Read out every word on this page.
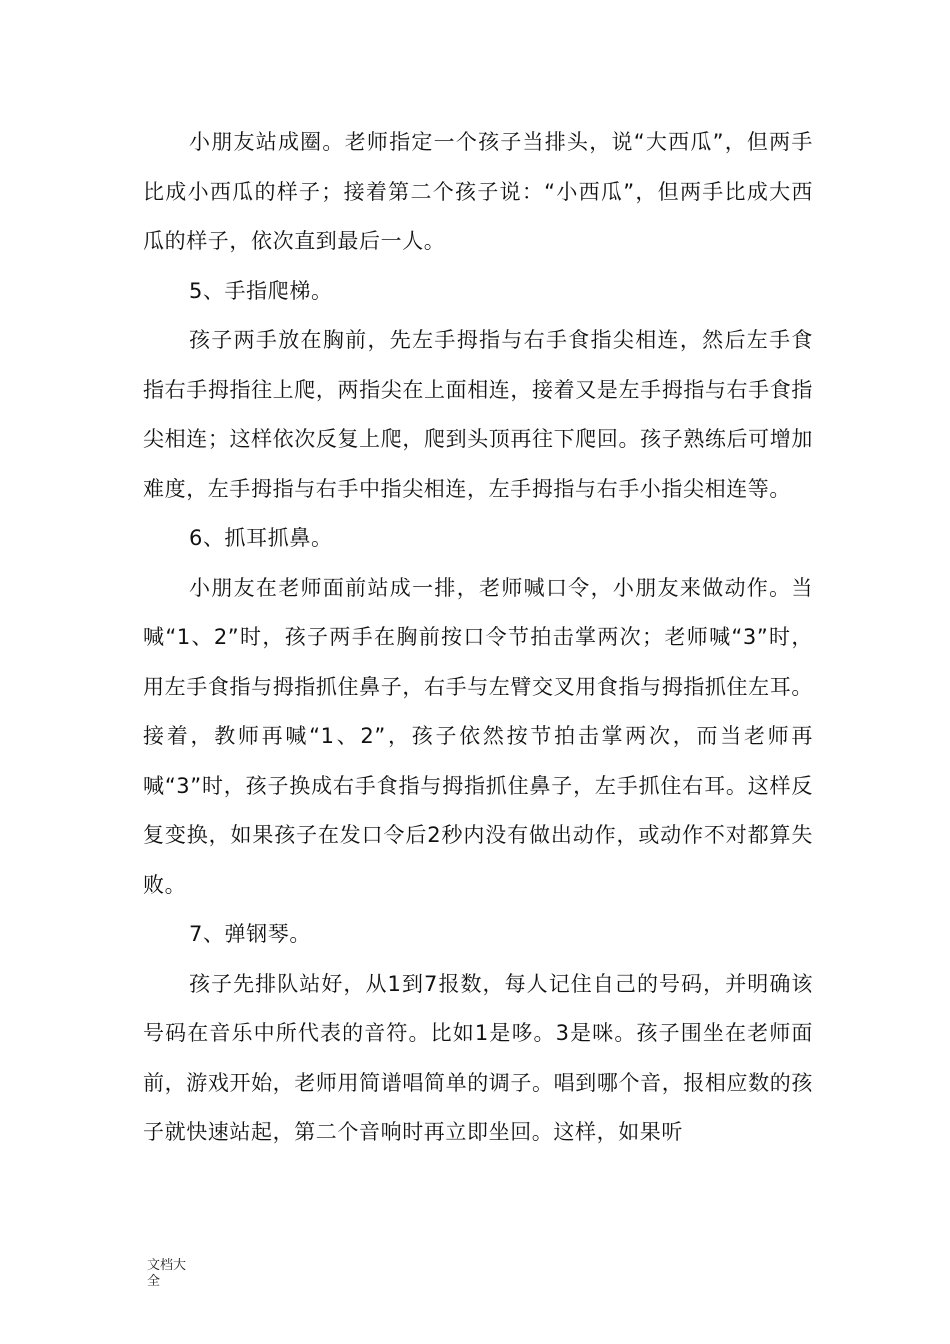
小朋友站成圈。老师指定一个孩子当排头，说“大西瓜”，但两手比成小西瓜的样子；接着第二个孩子说：“小西瓜”，但两手比成大西瓜的样子，依次直到最后一人。

5、手指爬梯。

孩子两手放在胸前，先左手拇指与右手食指尖相连，然后左手食指右手拇指往上爬，两指尖在上面相连，接着又是左手拇指与右手食指尖相连；这样依次反复上爬，爬到头顶再往下爬回。孩子熟练后可增加难度，左手拇指与右手中指尖相连，左手拇指与右手小指尖相连等。

6、抓耳抓鼻。

小朋友在老师面前站成一排，老师喊口令，小朋友来做动作。当喊“1、2”时，孩子两手在胸前按口令节拍击掌两次；老师喊“3”时，用左手食指与拇指抓住鼻子，右手与左臂交叉用食指与拇指抓住左耳。接着，教师再喊“1、2”，孩子依然按节拍击掌两次，而当老师再喊“3”时，孩子换成右手食指与拇指抓住鼻子，左手抓住右耳。这样反复变换，如果孩子在发口令后2秒内没有做出动作，或动作不对都算失败。

7、弹钢琴。

孩子先排队站好，从1到7报数，每人记住自己的号码，并明确该号码在音乐中所代表的音符。比如1是哆。3是咪。孩子围坐在老师面前，游戏开始，老师用简谱唱简单的调子。唱到哪个音，报相应数的孩子就快速站起，第二个音响时再立即坐回。这样，如果听

文档大全
